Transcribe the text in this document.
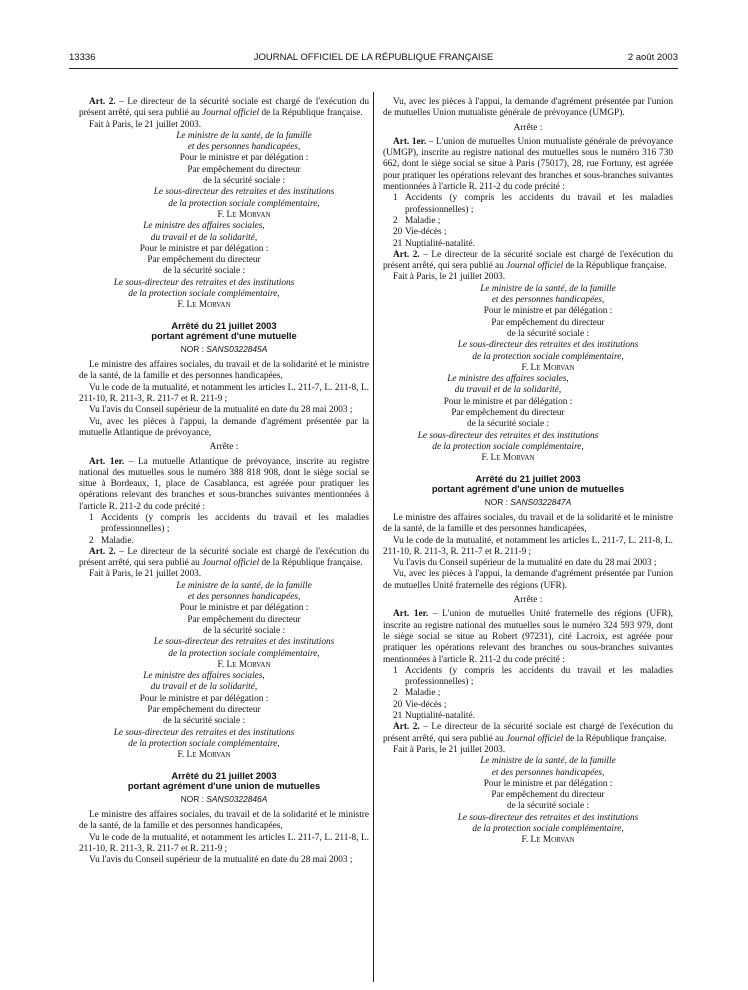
13336	JOURNAL OFFICIEL DE LA RÉPUBLIQUE FRANÇAISE	2 août 2003

Art. 2. – Le directeur de la sécurité sociale est chargé de l'exécution du présent arrêté, qui sera publié au Journal officiel de la République française.

Fait à Paris, le 21 juillet 2003.

Le ministre de la santé, de la famille
et des personnes handicapées,
Pour le ministre et par délégation :
Par empêchement du directeur
de la sécurité sociale :
Le sous-directeur des retraites et des institutions
de la protection sociale complémentaire,
F. Le Morvan
Le ministre des affaires sociales,
du travail et de la solidarité,
Pour le ministre et par délégation :
Par empêchement du directeur
de la sécurité sociale :
Le sous-directeur des retraites et des institutions
de la protection sociale complémentaire,
F. Le Morvan
Arrêté du 21 juillet 2003
portant agrément d'une mutuelle
NOR : SANS0322845A

Le ministre des affaires sociales, du travail et de la solidarité et le ministre de la santé, de la famille et des personnes handicapées,

Vu le code de la mutualité, et notamment les articles L. 211-7, L. 211-8, L. 211-10, R. 211-3, R. 211-7 et R. 211-9 ;

Vu l'avis du Conseil supérieur de la mutualité en date du 28 mai 2003 ;

Vu, avec les pièces à l'appui, la demande d'agrément présentée par la mutuelle Atlantique de prévoyance,

Arrête :

Art. 1er. – La mutuelle Atlantique de prévoyance, inscrite au registre national des mutuelles sous le numéro 388 818 908, dont le siège social se situe à Bordeaux, 1, place de Casablanca, est agréée pour pratiquer les opérations relevant des branches et sous-branches suivantes mentionnées à l'article R. 211-2 du code précité :

1 Accidents (y compris les accidents du travail et les maladies professionnelles) ;
2 Maladie.

Art. 2. – Le directeur de la sécurité sociale est chargé de l'exécution du présent arrêté, qui sera publié au Journal officiel de la République française.

Fait à Paris, le 21 juillet 2003.

Le ministre de la santé, de la famille
et des personnes handicapées,
Pour le ministre et par délégation :
Par empêchement du directeur
de la sécurité sociale :
Le sous-directeur des retraites et des institutions
de la protection sociale complémentaire,
F. Le Morvan
Le ministre des affaires sociales,
du travail et de la solidarité,
Pour le ministre et par délégation :
Par empêchement du directeur
de la sécurité sociale :
Le sous-directeur des retraites et des institutions
de la protection sociale complémentaire,
F. Le Morvan
Arrêté du 21 juillet 2003
portant agrément d'une union de mutuelles
NOR : SANS0322846A

Le ministre des affaires sociales, du travail et de la solidarité et le ministre de la santé, de la famille et des personnes handicapées,

Vu le code de la mutualité, et notamment les articles L. 211-7, L. 211-8, L. 211-10, R. 211-3, R. 211-7 et R. 211-9 ;

Vu l'avis du Conseil supérieur de la mutualité en date du 28 mai 2003 ;

Vu, avec les pièces à l'appui, la demande d'agrément présentée par l'union de mutuelles Union mutualiste générale de prévoyance (UMGP).

Arrête :

Art. 1er. – L'union de mutuelles Union mutualiste générale de prévoyance (UMGP), inscrite au registre national des mutuelles sous le numéro 316 730 662, dont le siège social se situe à Paris (75017), 28, rue Fortuny, est agréée pour pratiquer les opérations relevant des branches et sous-branches suivantes mentionnées à l'article R. 211-2 du code précité :

1 Accidents (y compris les accidents du travail et les maladies professionnelles) ;
2 Maladie ;
20 Vie-décès ;
21 Nuptialité-natalité.

Art. 2. – Le directeur de la sécurité sociale est chargé de l'exécution du présent arrêté, qui sera publié au Journal officiel de la République française.

Fait à Paris, le 21 juillet 2003.

Le ministre de la santé, de la famille
et des personnes handicapées,
Pour le ministre et par délégation :
Par empêchement du directeur
de la sécurité sociale :
Le sous-directeur des retraites et des institutions
de la protection sociale complémentaire,
F. Le Morvan
Le ministre des affaires sociales,
du travail et de la solidarité,
Pour le ministre et par délégation :
Par empêchement du directeur
de la sécurité sociale :
Le sous-directeur des retraites et des institutions
de la protection sociale complémentaire,
F. Le Morvan
Arrêté du 21 juillet 2003
portant agrément d'une union de mutuelles
NOR : SANS0322847A

Le ministre des affaires sociales, du travail et de la solidarité et le ministre de la santé, de la famille et des personnes handicapées,

Vu le code de la mutualité, et notamment les articles L. 211-7, L. 211-8, L. 211-10, R. 211-3, R. 211-7 et R. 211-9 ;

Vu l'avis du Conseil supérieur de la mutualité en date du 28 mai 2003 ;

Vu, avec les pièces à l'appui, la demande d'agrément présentée par l'union de mutuelles Unité fraternelle des régions (UFR).

Arrête :

Art. 1er. – L'union de mutuelles Unité fraternelle des régions (UFR), inscrite au registre national des mutuelles sous le numéro 324 593 979, dont le siège social se situe au Robert (97231), cité Lacroix, est agréée pour pratiquer les opérations relevant des branches ou sous-branches suivantes mentionnées à l'article R. 211-2 du code précité :

1 Accidents (y compris les accidents du travail et les maladies professionnelles) ;
2 Maladie ;
20 Vie-décès ;
21 Nuptialité-natalité.

Art. 2. – Le directeur de la sécurité sociale est chargé de l'exécution du présent arrêté, qui sera publié au Journal officiel de la République française.

Fait à Paris, le 21 juillet 2003.

Le ministre de la santé, de la famille
et des personnes handicapées,
Pour le ministre et par délégation :
Par empêchement du directeur
de la sécurité sociale :
Le sous-directeur des retraites et des institutions
de la protection sociale complémentaire,
F. Le Morvan
